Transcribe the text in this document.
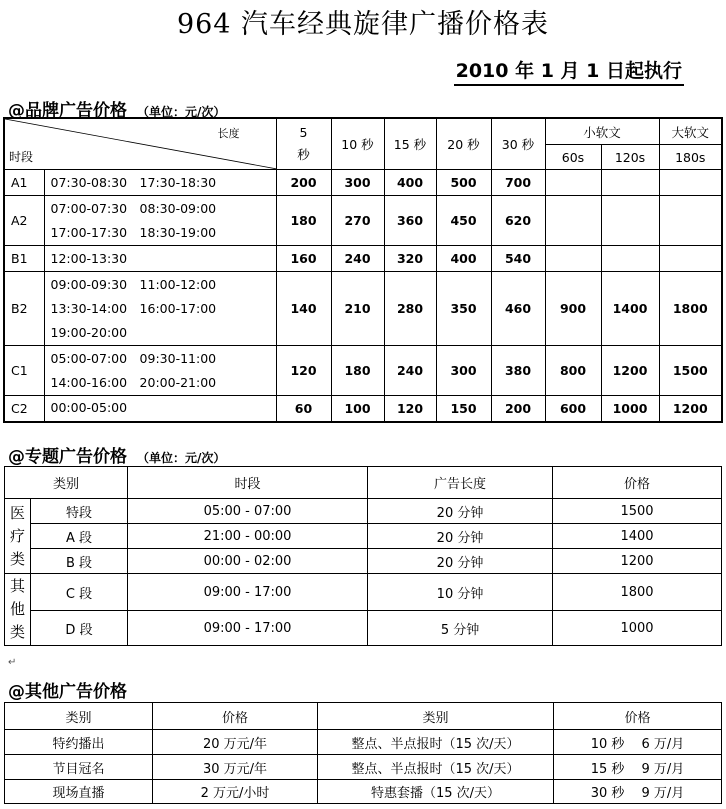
964 汽车经典旋律广播价格表
2010 年 1 月 1 日起执行
@品牌广告价格 （单位：元/次）
长度
时段		5
秒	10 秒	15 秒	20 秒	30 秒	小软文		大软文
							60s	120s	180s
A1	07:30-08:30　17:30-18:30	200	300	400	500	700			
A2	07:00-07:30　08:30-09:00
17:00-17:30　18:30-19:00	180	270	360	450	620			
B1	12:00-13:30	160	240	320	400	540			
B2	09:00-09:30　11:00-12:00
13:30-14:00　16:00-17:00
19:00-20:00	140	210	280	350	460	900	1400	1800
C1	05:00-07:00　09:30-11:00
14:00-16:00　20:00-21:00	120	180	240	300	380	800	1200	1500
C2	00:00-05:00	60	100	120	150	200	600	1000	1200
@专题广告价格 （单位：元/次）
类别		时段	广告长度	价格

医
疗
类	特段	05:00 - 07:00	20 分钟	1500
	A 段	21:00 - 00:00	20 分钟	1400
	B 段	00:00 - 02:00	20 分钟	1200

其
他
类	C 段	09:00 - 17:00	10 分钟	1800
	D 段	09:00 - 17:00	5 分钟	1000
↵
@其他广告价格
类别	价格	类别	价格
特约播出	20 万元/年	整点、半点报时（15 次/天）	10 秒　 6 万/月
节目冠名	30 万元/年	整点、半点报时（15 次/天）	15 秒　 9 万/月
现场直播	2 万元/小时	特惠套播（15 次/天）	30 秒　 9 万/月
